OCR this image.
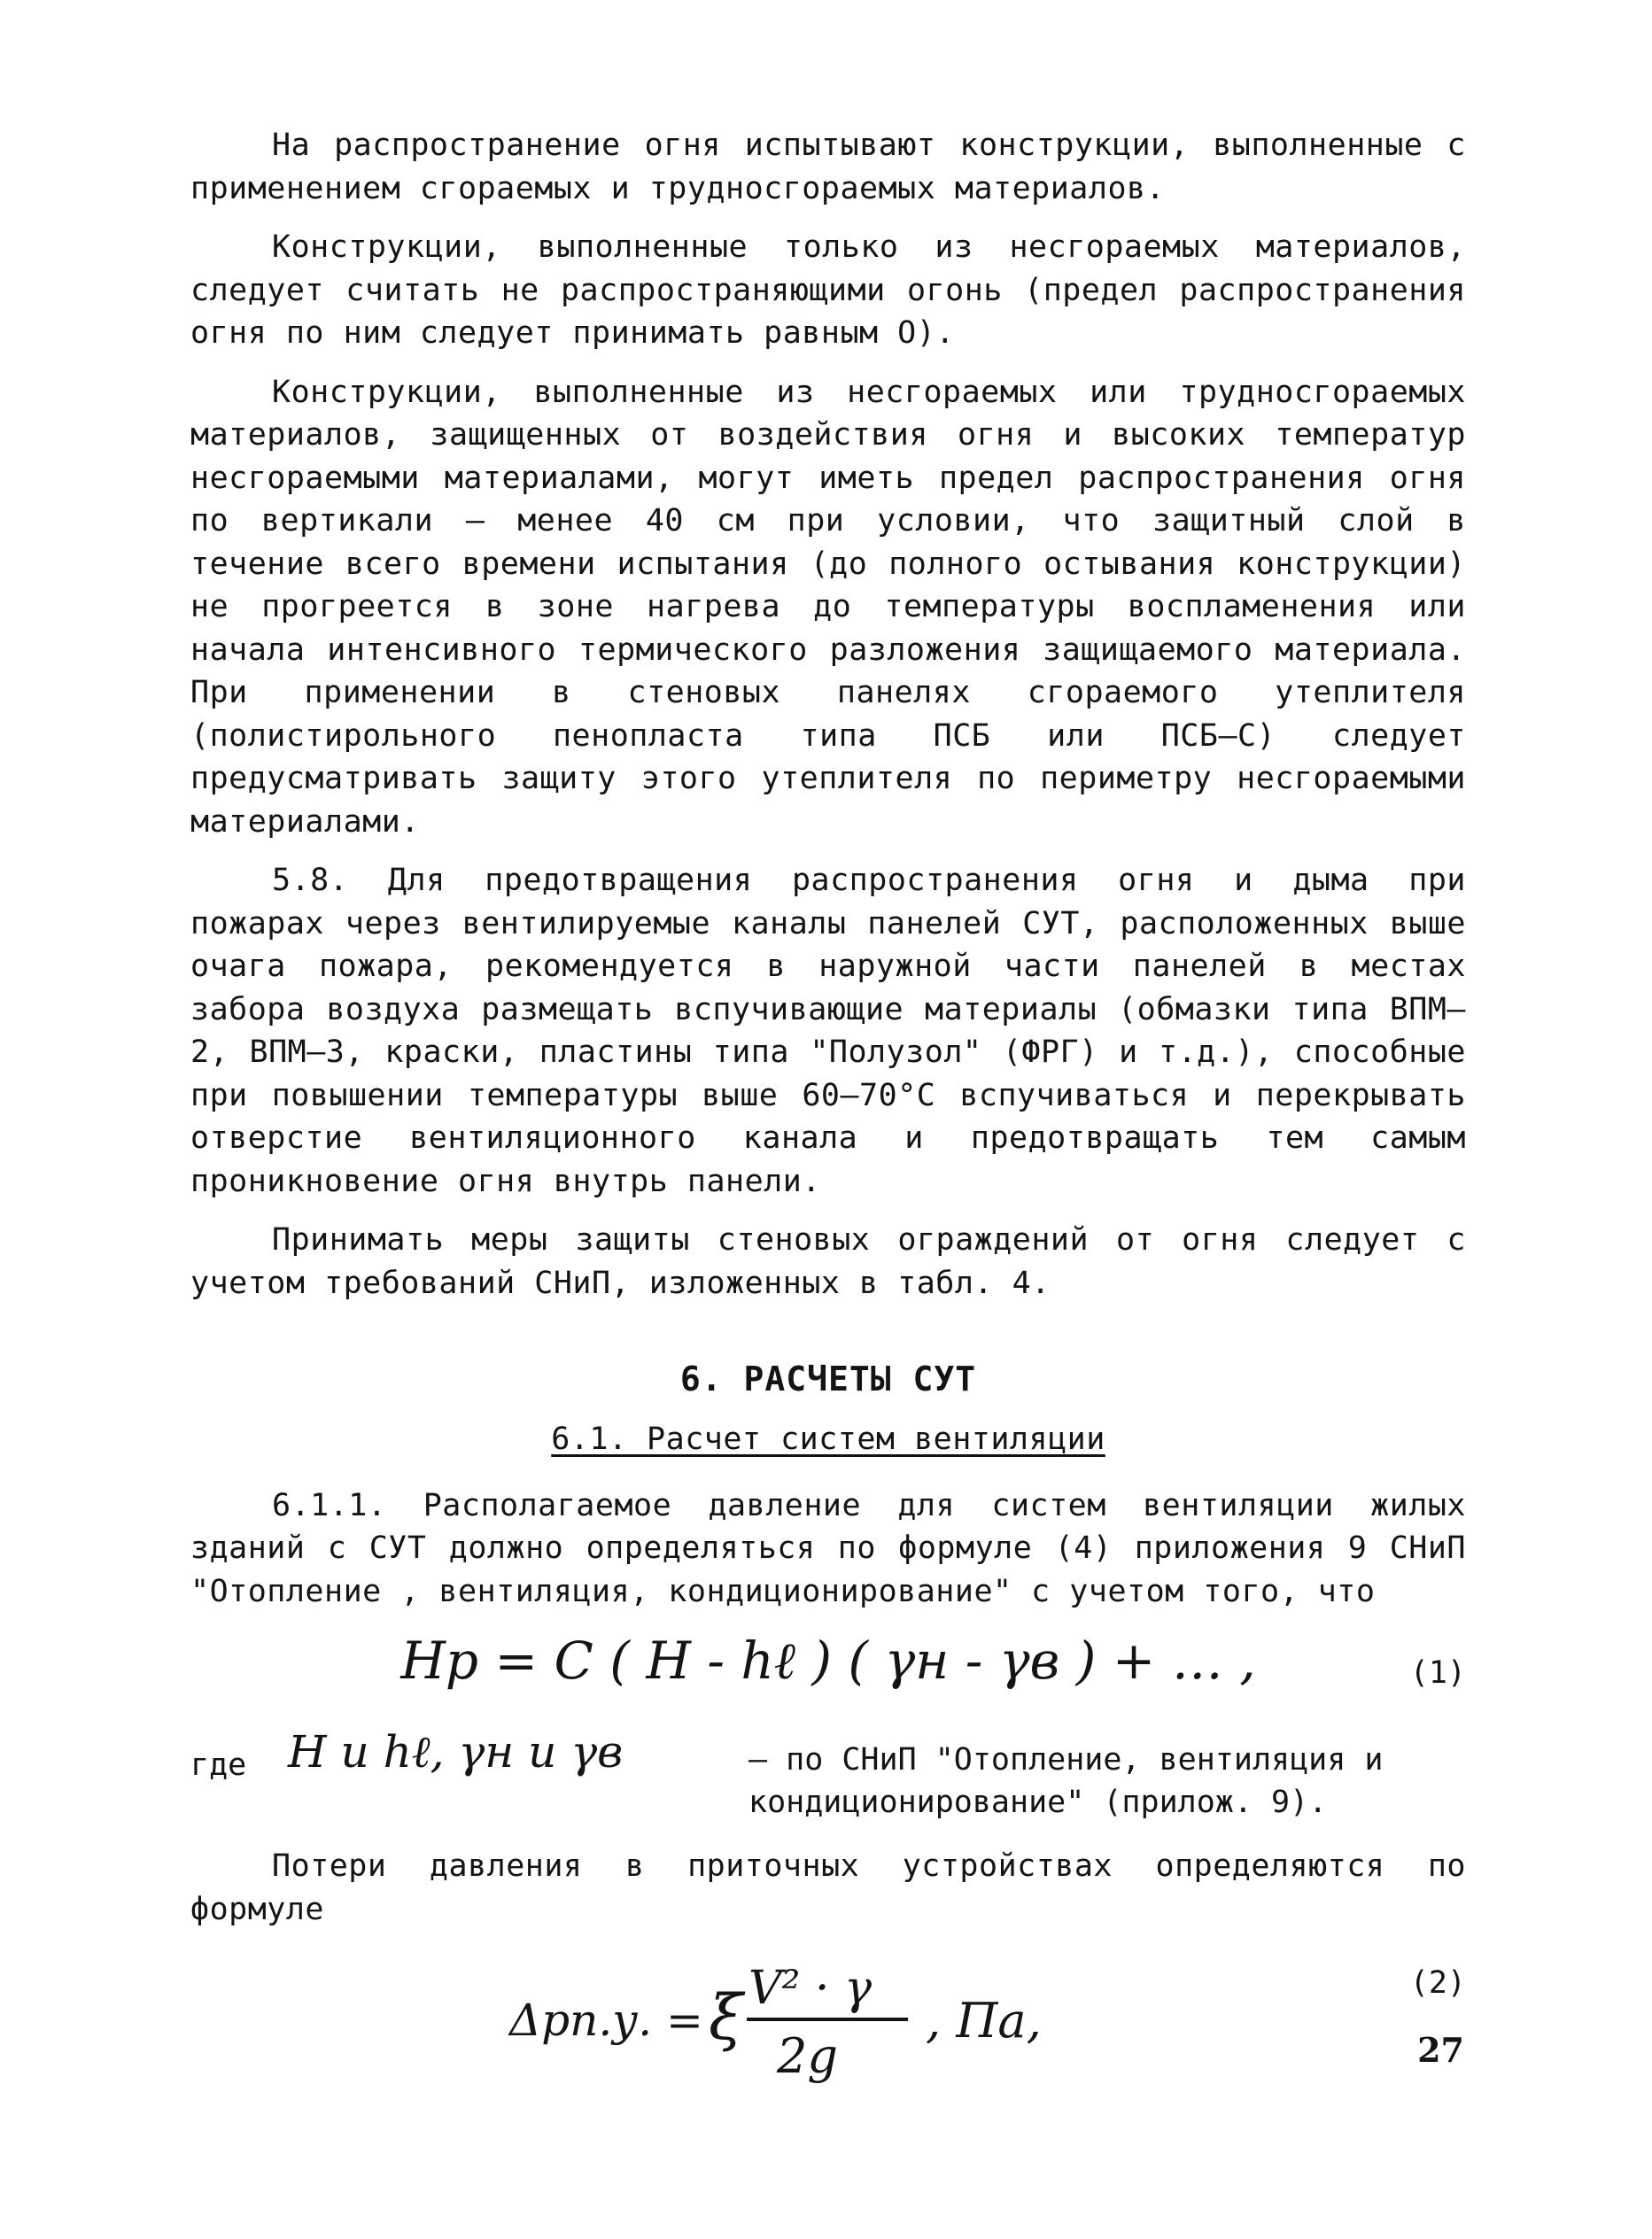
На распространение огня испытывают конструкции, выполненные с применением сгораемых и трудносгораемых материалов.

Конструкции, выполненные только из несгораемых материалов, следует считать не распространяющими огонь (предел распространения огня по ним следует принимать равным О).

Конструкции, выполненные из несгораемых или трудносгораемых материалов, защищенных от воздействия огня и высоких температур несгораемыми материалами, могут иметь предел распространения огня по вертикали – менее 40 см при условии, что защитный слой в течение всего времени испытания (до полного остывания конструкции) не прогреется в зоне нагрева до температуры воспламенения или начала интенсивного термического разложения защищаемого материала. При применении в стеновых панелях сгораемого утеплителя (полистирольного пенопласта типа ПСБ или ПСБ–С) следует предусматривать защиту этого утеплителя по периметру несгораемыми материалами.

5.8. Для предотвращения распространения огня и дыма при пожарах через вентилируемые каналы панелей СУТ, расположенных выше очага пожара, рекомендуется в наружной части панелей в местах забора воздуха размещать вспучивающие материалы (обмазки типа ВПМ–2, ВПМ–3, краски, пластины типа "Полузол" (ФРГ) и т.д.), способные при повышении температуры выше 60–70°С вспучиваться и перекрывать отверстие вентиляционного канала и предотвращать тем самым проникновение огня внутрь панели.

Принимать меры защиты стеновых ограждений от огня следует с учетом требований СНиП, изложенных в табл. 4.

6. РАСЧЕТЫ СУТ

6.1. Расчет систем вентиляции

6.1.1. Располагаемое давление для систем вентиляции жилых зданий с СУТ должно определяться по формуле (4) приложения 9 СНиП "Отопление , вентиляция, кондиционирование" с учетом того, что

Hp = C ( H - hℓ ) ( γн - γв ) + … ,	(1)
где H и hℓ, γн и γв	– по СНиП "Отопление, вентиляция и кондиционирование" (прилож. 9).

Потери давления в приточных устройствах определяются по формуле

Δpп.у. = ξ V² · γ
2g
, Па,
(2)
27
